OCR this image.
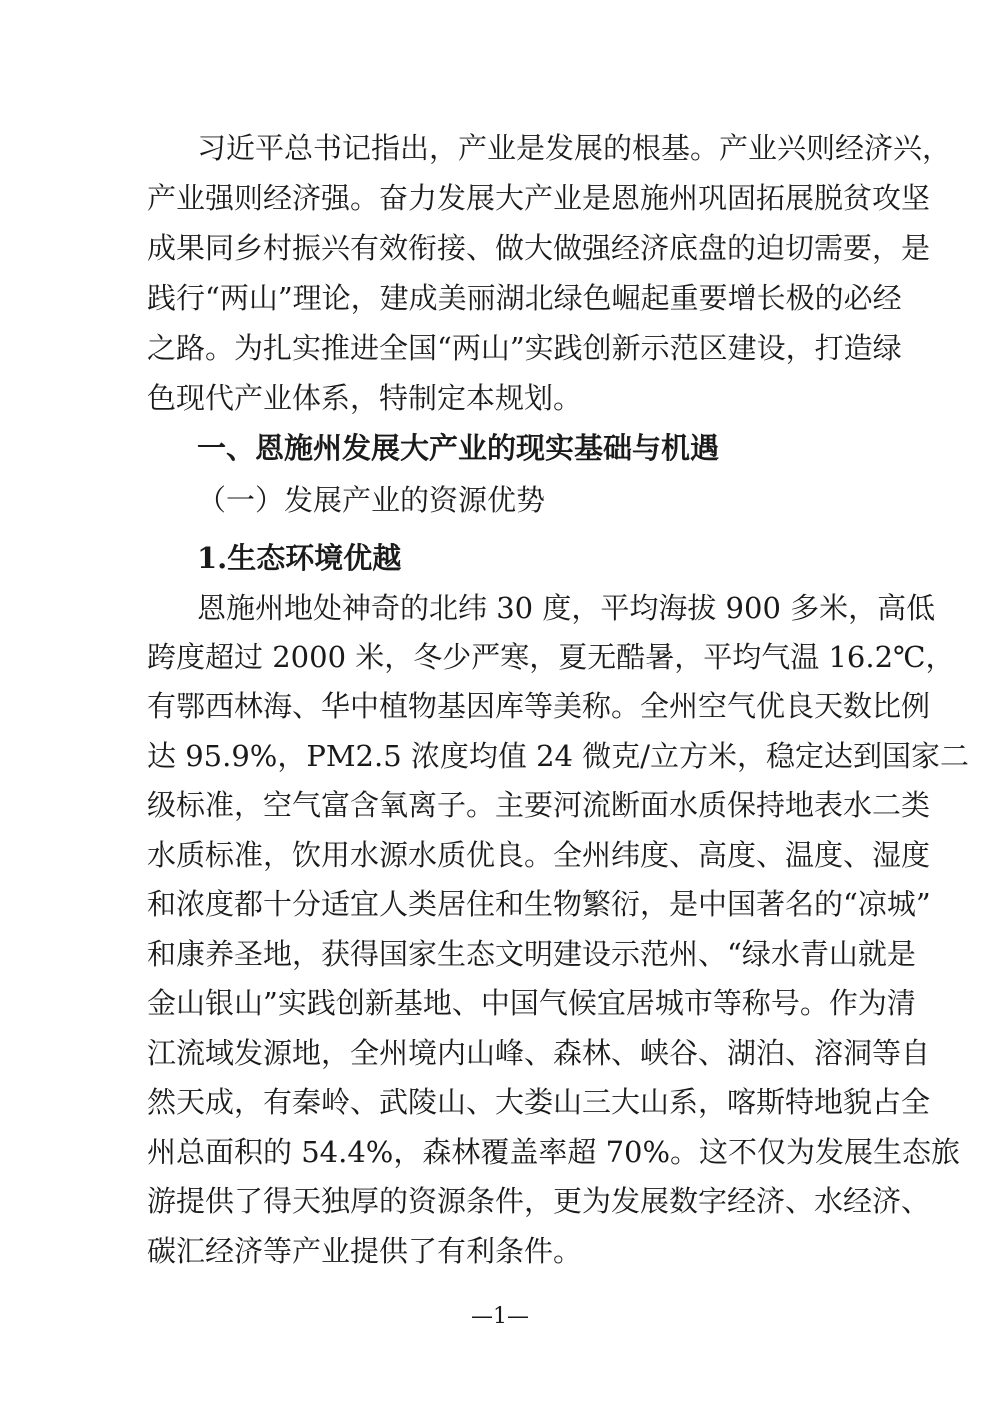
习近平总书记指出，产业是发展的根基。产业兴则经济兴，
产业强则经济强。奋力发展大产业是恩施州巩固拓展脱贫攻坚
成果同乡村振兴有效衔接、做大做强经济底盘的迫切需要，是
践行“两山”理论，建成美丽湖北绿色崛起重要增长极的必经
之路。为扎实推进全国“两山”实践创新示范区建设，打造绿
色现代产业体系，特制定本规划。
一、恩施州发展大产业的现实基础与机遇
（一）发展产业的资源优势
1.生态环境优越
恩施州地处神奇的北纬 30 度，平均海拔 900 多米，高低
跨度超过 2000 米，冬少严寒，夏无酷暑，平均气温 16.2℃，
有鄂西林海、华中植物基因库等美称。全州空气优良天数比例
达 95.9%，PM2.5 浓度均值 24 微克/立方米，稳定达到国家二
级标准，空气富含氧离子。主要河流断面水质保持地表水二类
水质标准，饮用水源水质优良。全州纬度、高度、温度、湿度
和浓度都十分适宜人类居住和生物繁衍，是中国著名的“凉城”
和康养圣地，获得国家生态文明建设示范州、“绿水青山就是
金山银山”实践创新基地、中国气候宜居城市等称号。作为清
江流域发源地，全州境内山峰、森林、峡谷、湖泊、溶洞等自
然天成，有秦岭、武陵山、大娄山三大山系，喀斯特地貌占全
州总面积的 54.4%，森林覆盖率超 70%。这不仅为发展生态旅
游提供了得天独厚的资源条件，更为发展数字经济、水经济、
碳汇经济等产业提供了有利条件。
—1—
